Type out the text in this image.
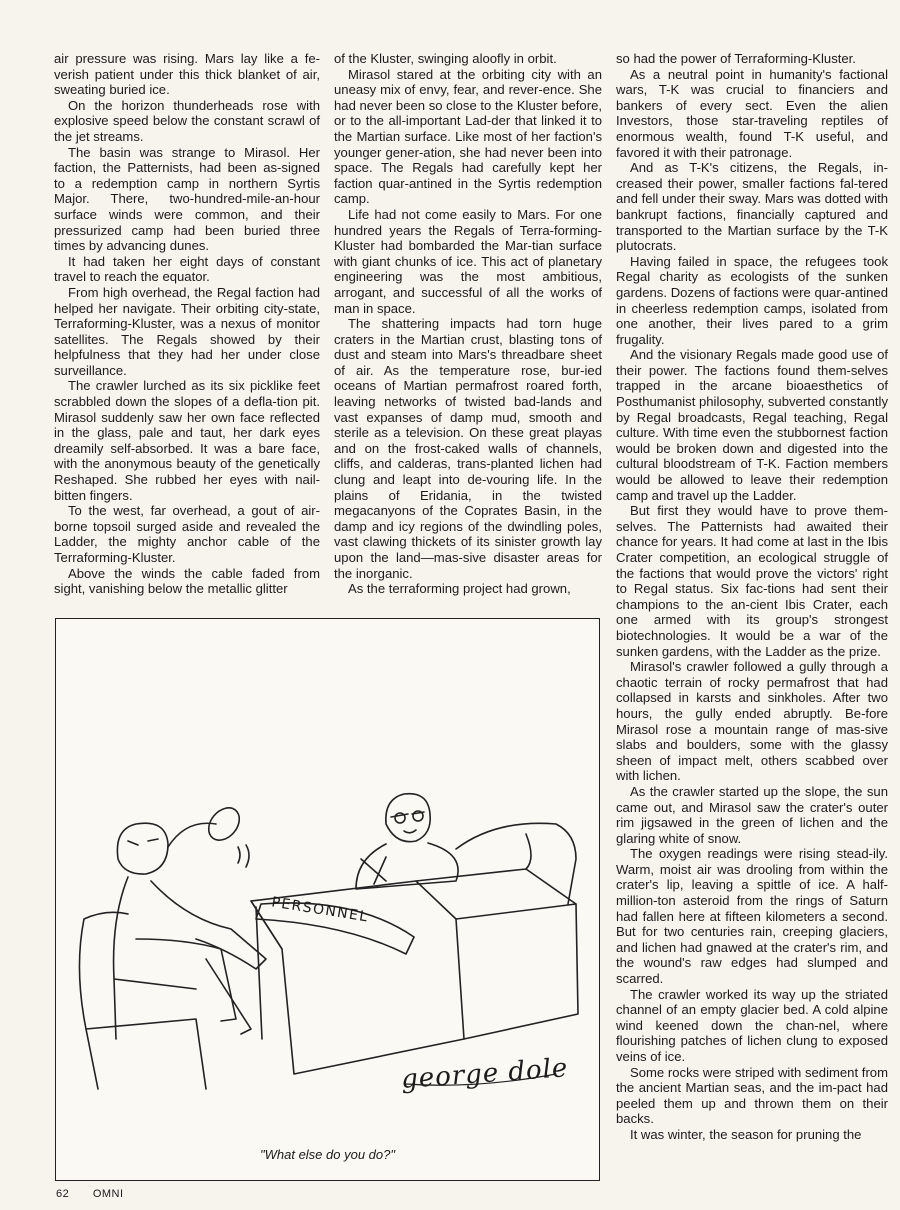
air pressure was rising. Mars lay like a fe-verish patient under this thick blanket of air, sweating buried ice.

On the horizon thunderheads rose with explosive speed below the constant scrawl of the jet streams.

The basin was strange to Mirasol. Her faction, the Patternists, had been as-signed to a redemption camp in northern Syrtis Major. There, two-hundred-mile-an-hour surface winds were common, and their pressurized camp had been buried three times by advancing dunes.

It had taken her eight days of constant travel to reach the equator.

From high overhead, the Regal faction had helped her navigate. Their orbiting city-state, Terraforming-Kluster, was a nexus of monitor satellites. The Regals showed by their helpfulness that they had her under close surveillance.

The crawler lurched as its six picklike feet scrabbled down the slopes of a defla-tion pit. Mirasol suddenly saw her own face reflected in the glass, pale and taut, her dark eyes dreamily self-absorbed. It was a bare face, with the anonymous beauty of the genetically Reshaped. She rubbed her eyes with nail-bitten fingers.

To the west, far overhead, a gout of air-borne topsoil surged aside and revealed the Ladder, the mighty anchor cable of the Terraforming-Kluster.

Above the winds the cable faded from sight, vanishing below the metallic glitter

of the Kluster, swinging aloofly in orbit.

Mirasol stared at the orbiting city with an uneasy mix of envy, fear, and rever-ence. She had never been so close to the Kluster before, or to the all-important Lad-der that linked it to the Martian surface. Like most of her faction's younger gener-ation, she had never been into space. The Regals had carefully kept her faction quar-antined in the Syrtis redemption camp.

Life had not come easily to Mars. For one hundred years the Regals of Terra-forming-Kluster had bombarded the Mar-tian surface with giant chunks of ice. This act of planetary engineering was the most ambitious, arrogant, and successful of all the works of man in space.

The shattering impacts had torn huge craters in the Martian crust, blasting tons of dust and steam into Mars's threadbare sheet of air. As the temperature rose, bur-ied oceans of Martian permafrost roared forth, leaving networks of twisted bad-lands and vast expanses of damp mud, smooth and sterile as a television. On these great playas and on the frost-caked walls of channels, cliffs, and calderas, trans-planted lichen had clung and leapt into de-vouring life. In the plains of Eridania, in the twisted megacanyons of the Coprates Basin, in the damp and icy regions of the dwindling poles, vast clawing thickets of its sinister growth lay upon the land—mas-sive disaster areas for the inorganic.

As the terraforming project had grown,

so had the power of Terraforming-Kluster.

As a neutral point in humanity's factional wars, T-K was crucial to financiers and bankers of every sect. Even the alien Investors, those star-traveling reptiles of enormous wealth, found T-K useful, and favored it with their patronage.

And as T-K's citizens, the Regals, in-creased their power, smaller factions fal-tered and fell under their sway. Mars was dotted with bankrupt factions, financially captured and transported to the Martian surface by the T-K plutocrats.

Having failed in space, the refugees took Regal charity as ecologists of the sunken gardens. Dozens of factions were quar-antined in cheerless redemption camps, isolated from one another, their lives pared to a grim frugality.

And the visionary Regals made good use of their power. The factions found them-selves trapped in the arcane bioaesthetics of Posthumanist philosophy, subverted constantly by Regal broadcasts, Regal teaching, Regal culture. With time even the stubbornest faction would be broken down and digested into the cultural bloodstream of T-K. Faction members would be allowed to leave their redemption camp and travel up the Ladder.

But first they would have to prove them-selves. The Patternists had awaited their chance for years. It had come at last in the Ibis Crater competition, an ecological struggle of the factions that would prove the victors' right to Regal status. Six fac-tions had sent their champions to the an-cient Ibis Crater, each one armed with its group's strongest biotechnologies. It would be a war of the sunken gardens, with the Ladder as the prize.

Mirasol's crawler followed a gully through a chaotic terrain of rocky permafrost that had collapsed in karsts and sinkholes. After two hours, the gully ended abruptly. Be-fore Mirasol rose a mountain range of mas-sive slabs and boulders, some with the glassy sheen of impact melt, others scabbed over with lichen.

As the crawler started up the slope, the sun came out, and Mirasol saw the crater's outer rim jigsawed in the green of lichen and the glaring white of snow.

The oxygen readings were rising stead-ily. Warm, moist air was drooling from within the crater's lip, leaving a spittle of ice. A half-million-ton asteroid from the rings of Saturn had fallen here at fifteen kilometers a second. But for two centuries rain, creeping glaciers, and lichen had gnawed at the crater's rim, and the wound's raw edges had slumped and scarred.

The crawler worked its way up the striated channel of an empty glacier bed. A cold alpine wind keened down the chan-nel, where flourishing patches of lichen clung to exposed veins of ice.

Some rocks were striped with sediment from the ancient Martian seas, and the im-pact had peeled them up and thrown them on their backs.

It was winter, the season for pruning the

PERSONNEL
george dole
"What else do you do?"
62 OMNI
